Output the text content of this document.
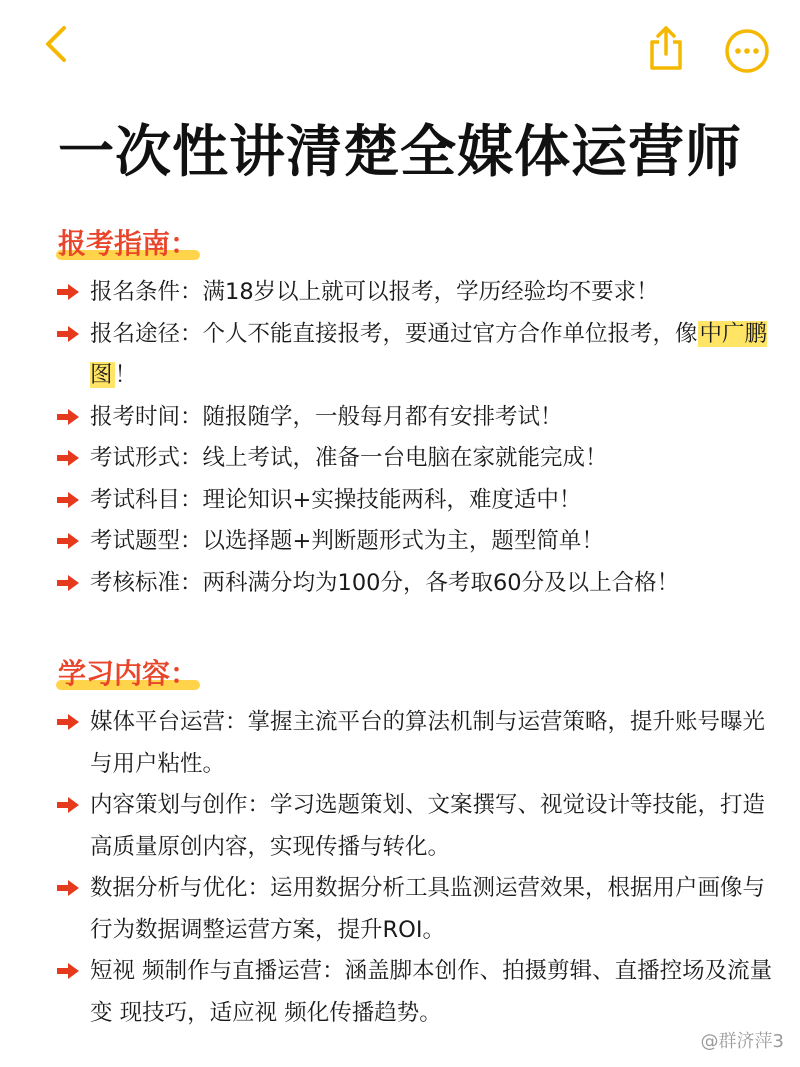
一次性讲清楚全媒体运营师
报考指南：
报名条件：满18岁以上就可以报考，学历经验均不要求！
报名途径：个人不能直接报考，要通过官方合作单位报考，像中广鹏图！
报考时间：随报随学，一般每月都有安排考试！
考试形式：线上考试，准备一台电脑在家就能完成！
考试科目：理论知识+实操技能两科，难度适中！
考试题型：以选择题+判断题形式为主，题型简单！
考核标准：两科满分均为100分，各考取60分及以上合格！
学习内容：
媒体平台运营：掌握主流平台的算法机制与运营策略，提升账号曝光与用户粘性。
内容策划与创作：学习选题策划、文案撰写、视觉设计等技能，打造高质量原创内容，实现传播与转化。
数据分析与优化：运用数据分析工具监测运营效果，根据用户画像与行为数据调整运营方案，提升ROI。
短视 频制作与直播运营：涵盖脚本创作、拍摄剪辑、直播控场及流量变 现技巧，适应视 频化传播趋势。
@群济萍3
